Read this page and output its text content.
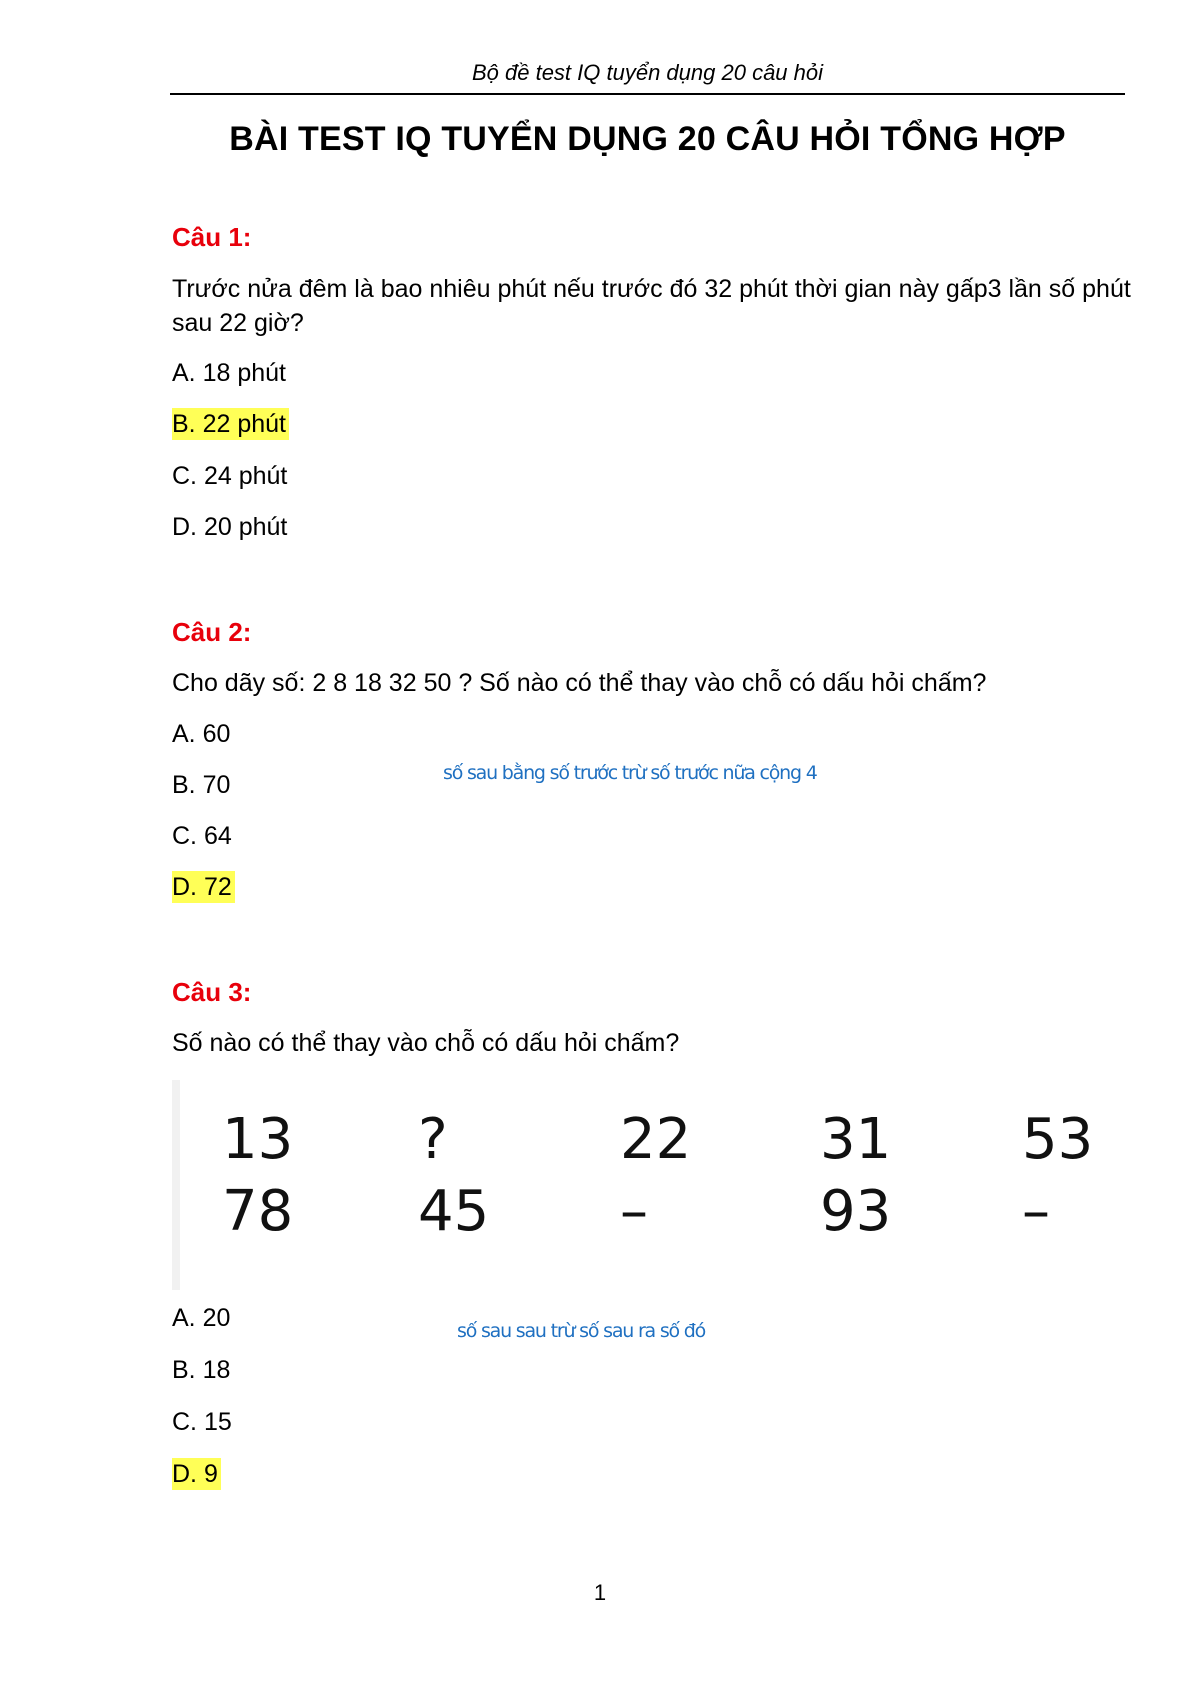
Bộ đề test IQ tuyển dụng 20 câu hỏi
BÀI TEST IQ TUYỂN DỤNG 20 CÂU HỎI TỔNG HỢP
Câu 1:
Trước nửa đêm là bao nhiêu phút nếu trước đó 32 phút thời gian này gấp3 lần số phút sau 22 giờ?
A. 18 phút
B. 22 phút
C. 24 phút
D. 20 phút
Câu 2:
Cho dãy số: 2 8 18 32 50 ? Số nào có thể thay vào chỗ có dấu hỏi chấm?
A. 60
B. 70
C. 64
D. 72
số sau bằng số trước trừ số trước nữa cộng 4
Câu 3:
Số nào có thể thay vào chỗ có dấu hỏi chấm?
13 ?	22 31 53
78 45 –	93 –
A. 20
B. 18
C. 15
D. 9
số sau sau trừ số sau ra số đó
1
